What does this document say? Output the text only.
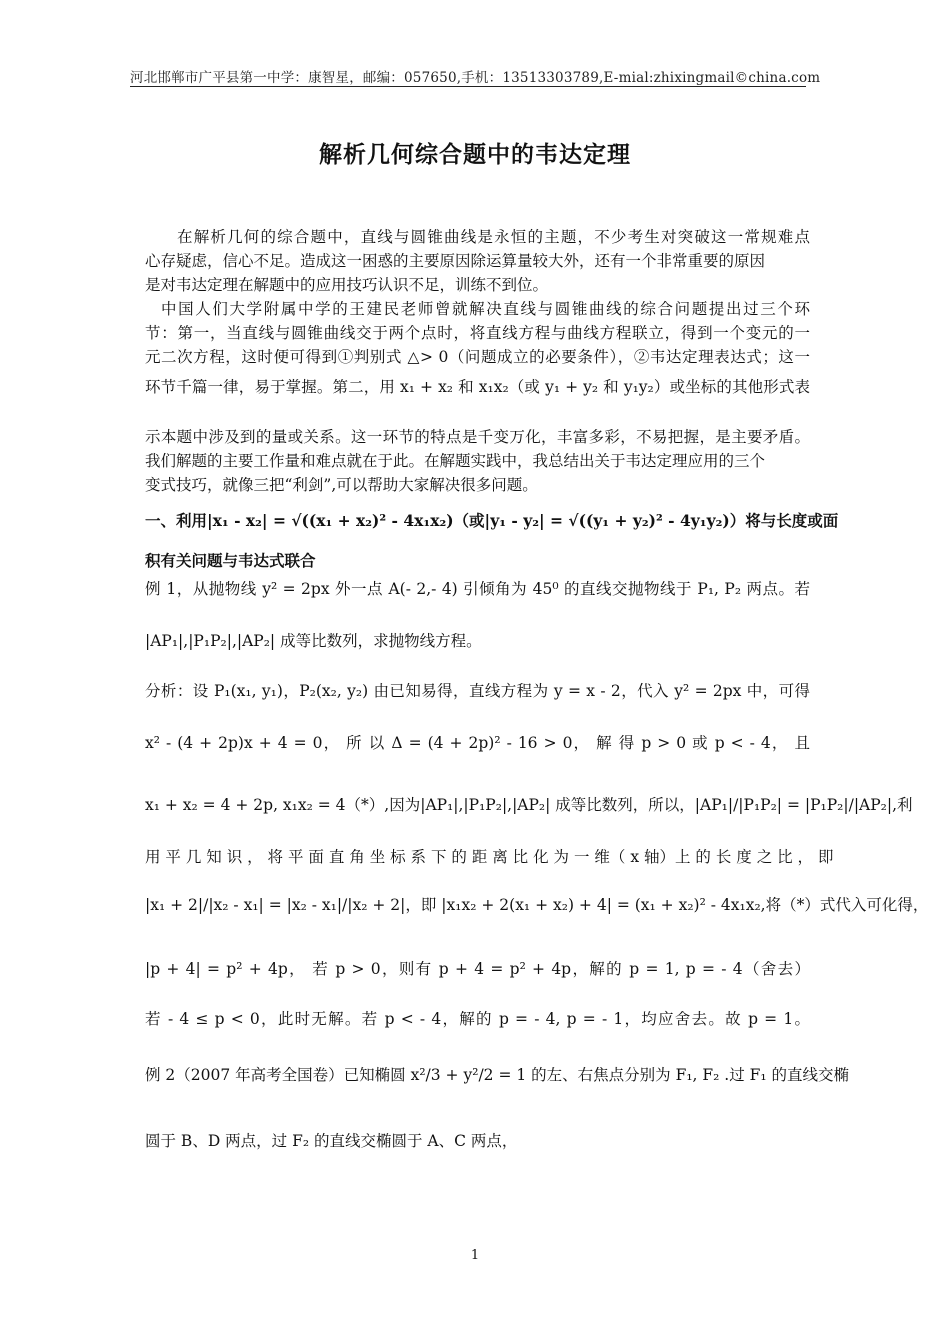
河北邯郸市广平县第一中学：康智星，邮编：057650,手机：13513303789,E-mial:zhixingmail©china.com
解析几何综合题中的韦达定理
在解析几何的综合题中，直线与圆锥曲线是永恒的主题，不少考生对突破这一常规难点
心存疑虑，信心不足。造成这一困惑的主要原因除运算量较大外，还有一个非常重要的原因
是对韦达定理在解题中的应用技巧认识不足，训练不到位。
中国人们大学附属中学的王建民老师曾就解决直线与圆锥曲线的综合问题提出过三个环
节：第一，当直线与圆锥曲线交于两个点时，将直线方程与曲线方程联立，得到一个变元的一
元二次方程，这时便可得到①判别式 △> 0（问题成立的必要条件），②韦达定理表达式；这一
环节千篇一律，易于掌握。第二，用 x₁ + x₂ 和 x₁x₂（或 y₁ + y₂ 和 y₁y₂）或坐标的其他形式表
示本题中涉及到的量或关系。这一环节的特点是千变万化，丰富多彩，不易把握，是主要矛盾。
我们解题的主要工作量和难点就在于此。在解题实践中，我总结出关于韦达定理应用的三个
变式技巧，就像三把“利剑”,可以帮助大家解决很多问题。
一、利用|x₁ - x₂| = √((x₁ + x₂)² - 4x₁x₂)（或|y₁ - y₂| = √((y₁ + y₂)² - 4y₁y₂)）将与长度或面
积有关问题与韦达式联合
例 1，从抛物线 y² = 2px 外一点 A(- 2,- 4) 引倾角为 45⁰ 的直线交抛物线于 P₁, P₂ 两点。若
|AP₁|,|P₁P₂|,|AP₂| 成等比数列，求抛物线方程。
分析：设 P₁(x₁, y₁)，P₂(x₂, y₂) 由已知易得，直线方程为 y = x - 2，代入 y² = 2px 中，可得
x² - (4 + 2p)x + 4 = 0， 所 以 Δ = (4 + 2p)² - 16 > 0， 解 得 p > 0 或 p < - 4， 且
x₁ + x₂ = 4 + 2p, x₁x₂ = 4（*）,因为|AP₁|,|P₁P₂|,|AP₂| 成等比数列，所以，|AP₁|/|P₁P₂| = |P₁P₂|/|AP₂|,利
用 平 几 知 识 ， 将 平 面 直 角 坐 标 系 下 的 距 离 比 化 为 一 维（ x 轴）上 的 长 度 之 比 ， 即
|x₁ + 2|/|x₂ - x₁| = |x₂ - x₁|/|x₂ + 2|，即 |x₁x₂ + 2(x₁ + x₂) + 4| = (x₁ + x₂)² - 4x₁x₂,将（*）式代入可化得，
|p + 4| = p² + 4p， 若 p > 0，则有 p + 4 = p² + 4p，解的 p = 1, p = - 4（舍去）
若 - 4 ≤ p < 0，此时无解。若 p < - 4，解的 p = - 4, p = - 1，均应舍去。故 p = 1。
例 2（2007 年高考全国卷）已知椭圆 x²/3 + y²/2 = 1 的左、右焦点分别为 F₁, F₂ .过 F₁ 的直线交椭
圆于 B、D 两点，过 F₂ 的直线交椭圆于 A、C 两点，
1
